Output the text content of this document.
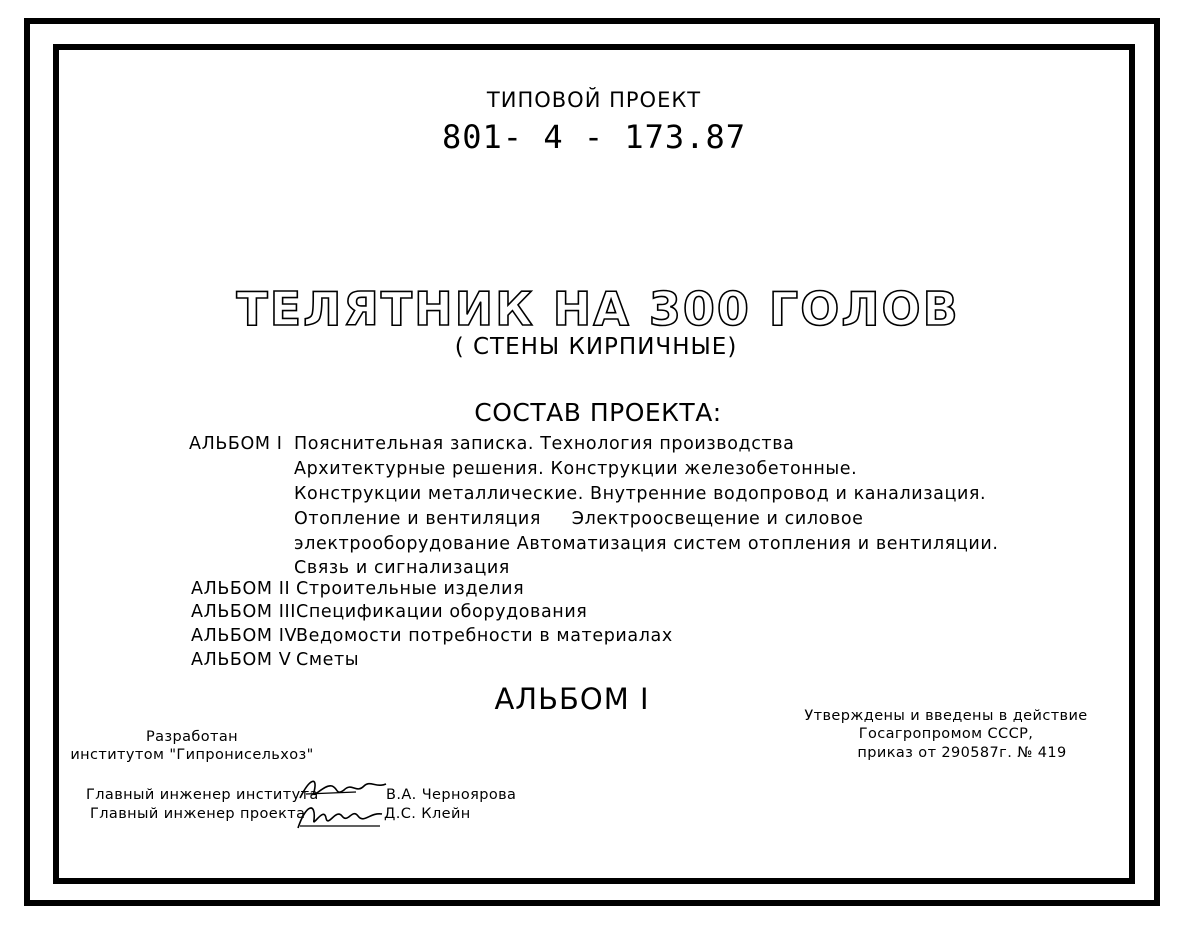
ТИПОВОЙ ПРОЕКТ
801- 4 - 173.87
ТЕЛЯТНИК НА 300 ГОЛОВ
( СТЕНЫ КИРПИЧНЫЕ)
СОСТАВ ПРОЕКТА:
АЛЬБОМ I Пояснительная записка. Технология производства
Архитектурные решения. Конструкции железобетонные.
Конструкции металлические. Внутренние водопровод и канализация.
Отопление и вентиляция     Электроосвещение и силовое
электрооборудование Автоматизация систем отопления и вентиляции.
Связь и сигнализация
АЛЬБОМ II Строительные изделия
АЛЬБОМ III Спецификации оборудования
АЛЬБОМ IV
Ведомости потребности в материалах
АЛЬБОМ V Сметы
АЛЬБОМ I
Разработан
институтом "Гипронисельхоз"
Утверждены и введены в действие
Госагропромом СССР,
приказ от 290587г. № 419
Главный инженер института	В.А. Черноярова
Главный инженер проекта	Д.С. Клейн
